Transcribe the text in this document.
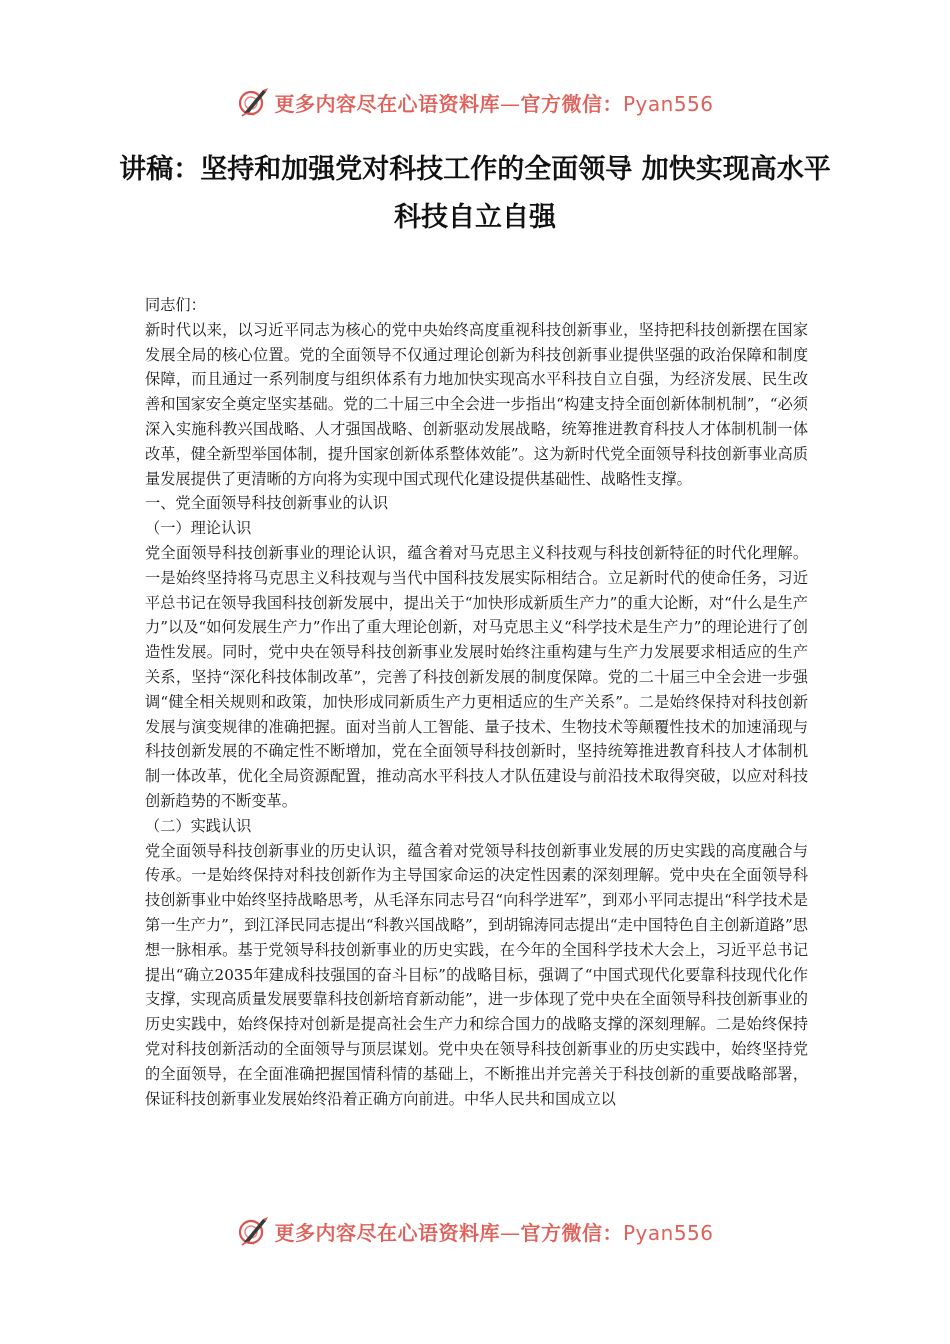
更多内容尽在心语资料库—官方微信：Pyan556
讲稿：坚持和加强党对科技工作的全面领导 加快实现高水平科技自立自强

同志们：

新时代以来，以习近平同志为核心的党中央始终高度重视科技创新事业，坚持把科技创新摆在国家发展全局的核心位置。党的全面领导不仅通过理论创新为科技创新事业提供坚强的政治保障和制度保障，而且通过一系列制度与组织体系有力地加快实现高水平科技自立自强，为经济发展、民生改善和国家安全奠定坚实基础。党的二十届三中全会进一步指出“构建支持全面创新体制机制”，“必须深入实施科教兴国战略、人才强国战略、创新驱动发展战略，统筹推进教育科技人才体制机制一体改革，健全新型举国体制，提升国家创新体系整体效能”。这为新时代党全面领导科技创新事业高质量发展提供了更清晰的方向将为实现中国式现代化建设提供基础性、战略性支撑。

一、党全面领导科技创新事业的认识

（一）理论认识

党全面领导科技创新事业的理论认识，蕴含着对马克思主义科技观与科技创新特征的时代化理解。一是始终坚持将马克思主义科技观与当代中国科技发展实际相结合。立足新时代的使命任务，习近平总书记在领导我国科技创新发展中，提出关于“加快形成新质生产力”的重大论断，对“什么是生产力”以及“如何发展生产力”作出了重大理论创新，对马克思主义“科学技术是生产力”的理论进行了创造性发展。同时，党中央在领导科技创新事业发展时始终注重构建与生产力发展要求相适应的生产关系，坚持“深化科技体制改革”，完善了科技创新发展的制度保障。党的二十届三中全会进一步强调“健全相关规则和政策，加快形成同新质生产力更相适应的生产关系”。二是始终保持对科技创新发展与演变规律的准确把握。面对当前人工智能、量子技术、生物技术等颠覆性技术的加速涌现与科技创新发展的不确定性不断增加，党在全面领导科技创新时，坚持统筹推进教育科技人才体制机制一体改革，优化全局资源配置，推动高水平科技人才队伍建设与前沿技术取得突破，以应对科技创新趋势的不断变革。

（二）实践认识

党全面领导科技创新事业的历史认识，蕴含着对党领导科技创新事业发展的历史实践的高度融合与传承。一是始终保持对科技创新作为主导国家命运的决定性因素的深刻理解。党中央在全面领导科技创新事业中始终坚持战略思考，从毛泽东同志号召“向科学进军”，到邓小平同志提出“科学技术是第一生产力”，到江泽民同志提出“科教兴国战略”，到胡锦涛同志提出“走中国特色自主创新道路”思想一脉相承。基于党领导科技创新事业的历史实践，在今年的全国科学技术大会上，习近平总书记提出“确立2035年建成科技强国的奋斗目标”的战略目标，强调了“中国式现代化要靠科技现代化作支撑，实现高质量发展要靠科技创新培育新动能”，进一步体现了党中央在全面领导科技创新事业的历史实践中，始终保持对创新是提高社会生产力和综合国力的战略支撑的深刻理解。二是始终保持党对科技创新活动的全面领导与顶层谋划。党中央在领导科技创新事业的历史实践中，始终坚持党的全面领导，在全面准确把握国情科情的基础上，不断推出并完善关于科技创新的重要战略部署，保证科技创新事业发展始终沿着正确方向前进。中华人民共和国成立以

更多内容尽在心语资料库—官方微信：Pyan556
